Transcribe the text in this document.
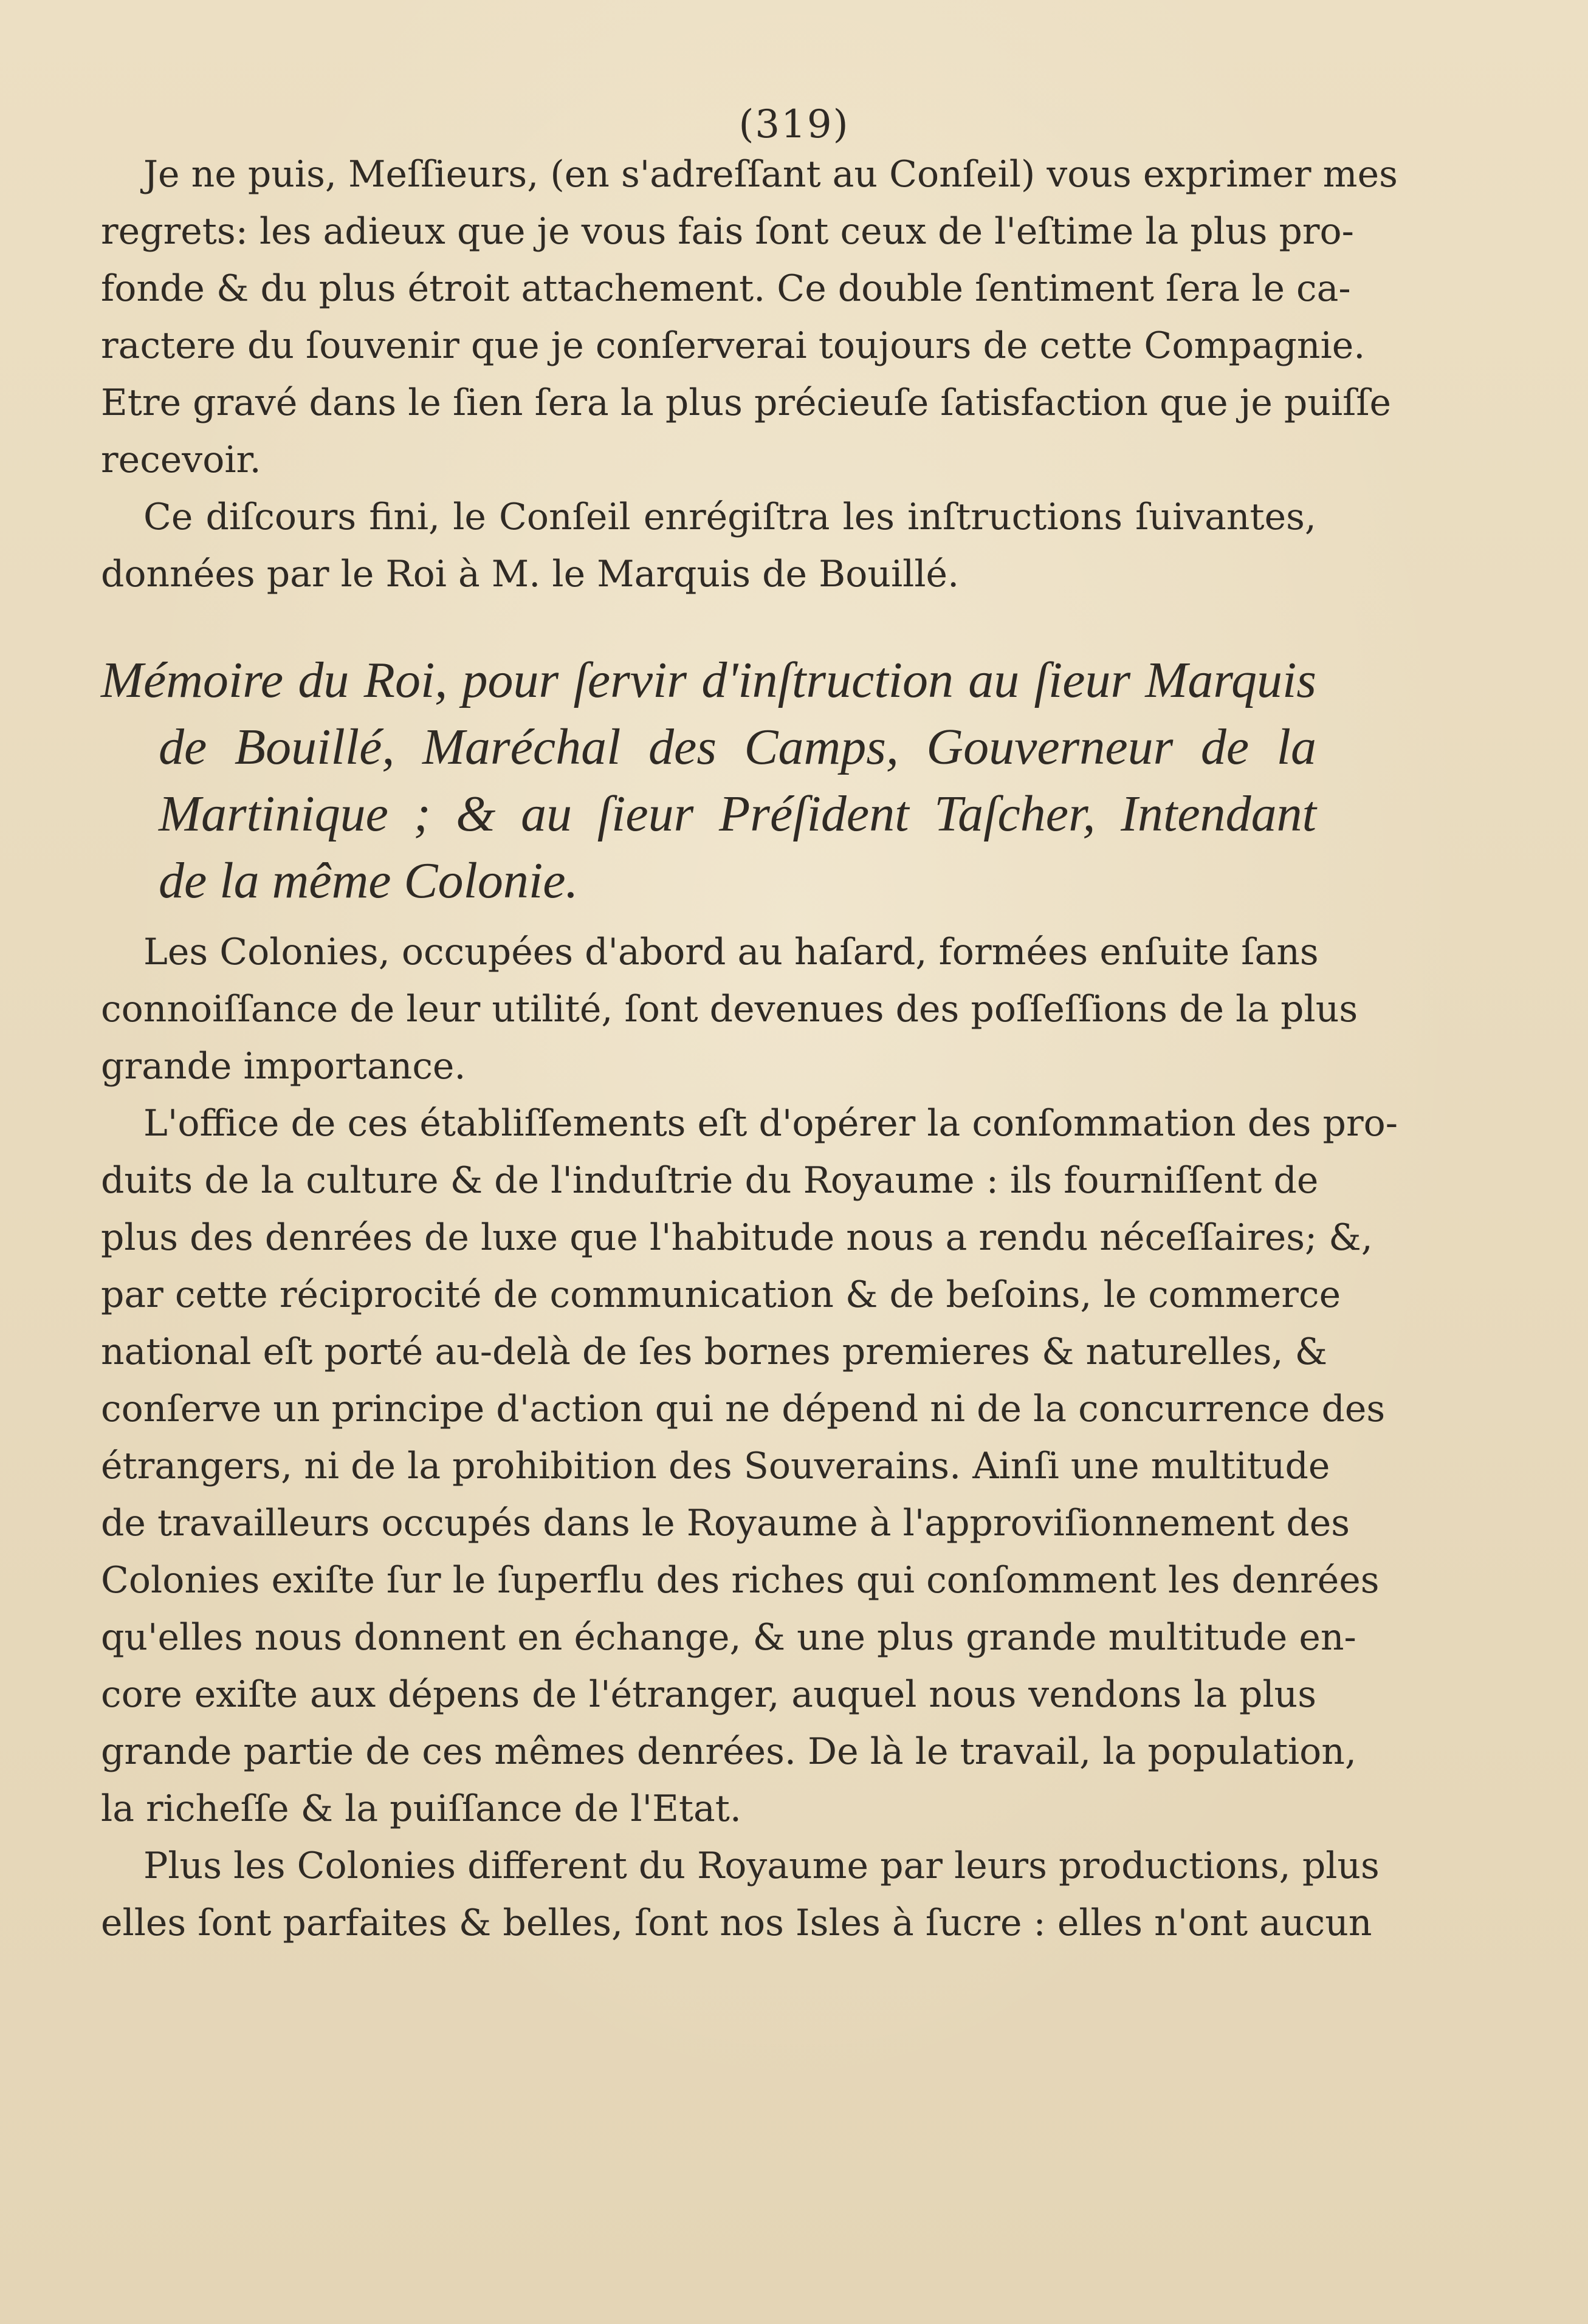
(319)
Je ne puis, Meſſieurs, (en s'adreſſant au Conſeil) vous exprimer mes
regrets: les adieux que je vous fais ſont ceux de l'eſtime la plus pro-
fonde & du plus étroit attachement. Ce double ſentiment ſera le ca-
ractere du ſouvenir que je conſerverai toujours de cette Compagnie.
Etre gravé dans le ſien ſera la plus précieuſe ſatisfaction que je puiſſe
recevoir.
Ce diſcours fini, le Conſeil enrégiſtra les inſtructions ſuivantes,
données par le Roi à M. le Marquis de Bouillé.
Mémoire du Roi, pour ſervir d'inſtruction au ſieur Marquis
de Bouillé, Maréchal des Camps, Gouverneur de la
Martinique ; & au ſieur Préſident Taſcher, Intendant
de la même Colonie.
Les Colonies, occupées d'abord au haſard, formées enſuite ſans
connoiſſance de leur utilité, ſont devenues des poſſeſſions de la plus
grande importance.
L'office de ces établiſſements eſt d'opérer la conſommation des pro-
duits de la culture & de l'induſtrie du Royaume : ils fourniſſent de
plus des denrées de luxe que l'habitude nous a rendu néceſſaires; &,
par cette réciprocité de communication & de beſoins, le commerce
national eſt porté au-delà de ſes bornes premieres & naturelles, &
conſerve un principe d'action qui ne dépend ni de la concurrence des
étrangers, ni de la prohibition des Souverains. Ainſi une multitude
de travailleurs occupés dans le Royaume à l'approviſionnement des
Colonies exiſte ſur le ſuperflu des riches qui conſomment les denrées
qu'elles nous donnent en échange, & une plus grande multitude en-
core exiſte aux dépens de l'étranger, auquel nous vendons la plus
grande partie de ces mêmes denrées. De là le travail, la population,
la richeſſe & la puiſſance de l'Etat.
Plus les Colonies different du Royaume par leurs productions, plus
elles ſont parfaites & belles, ſont nos Isles à ſucre : elles n'ont aucun
